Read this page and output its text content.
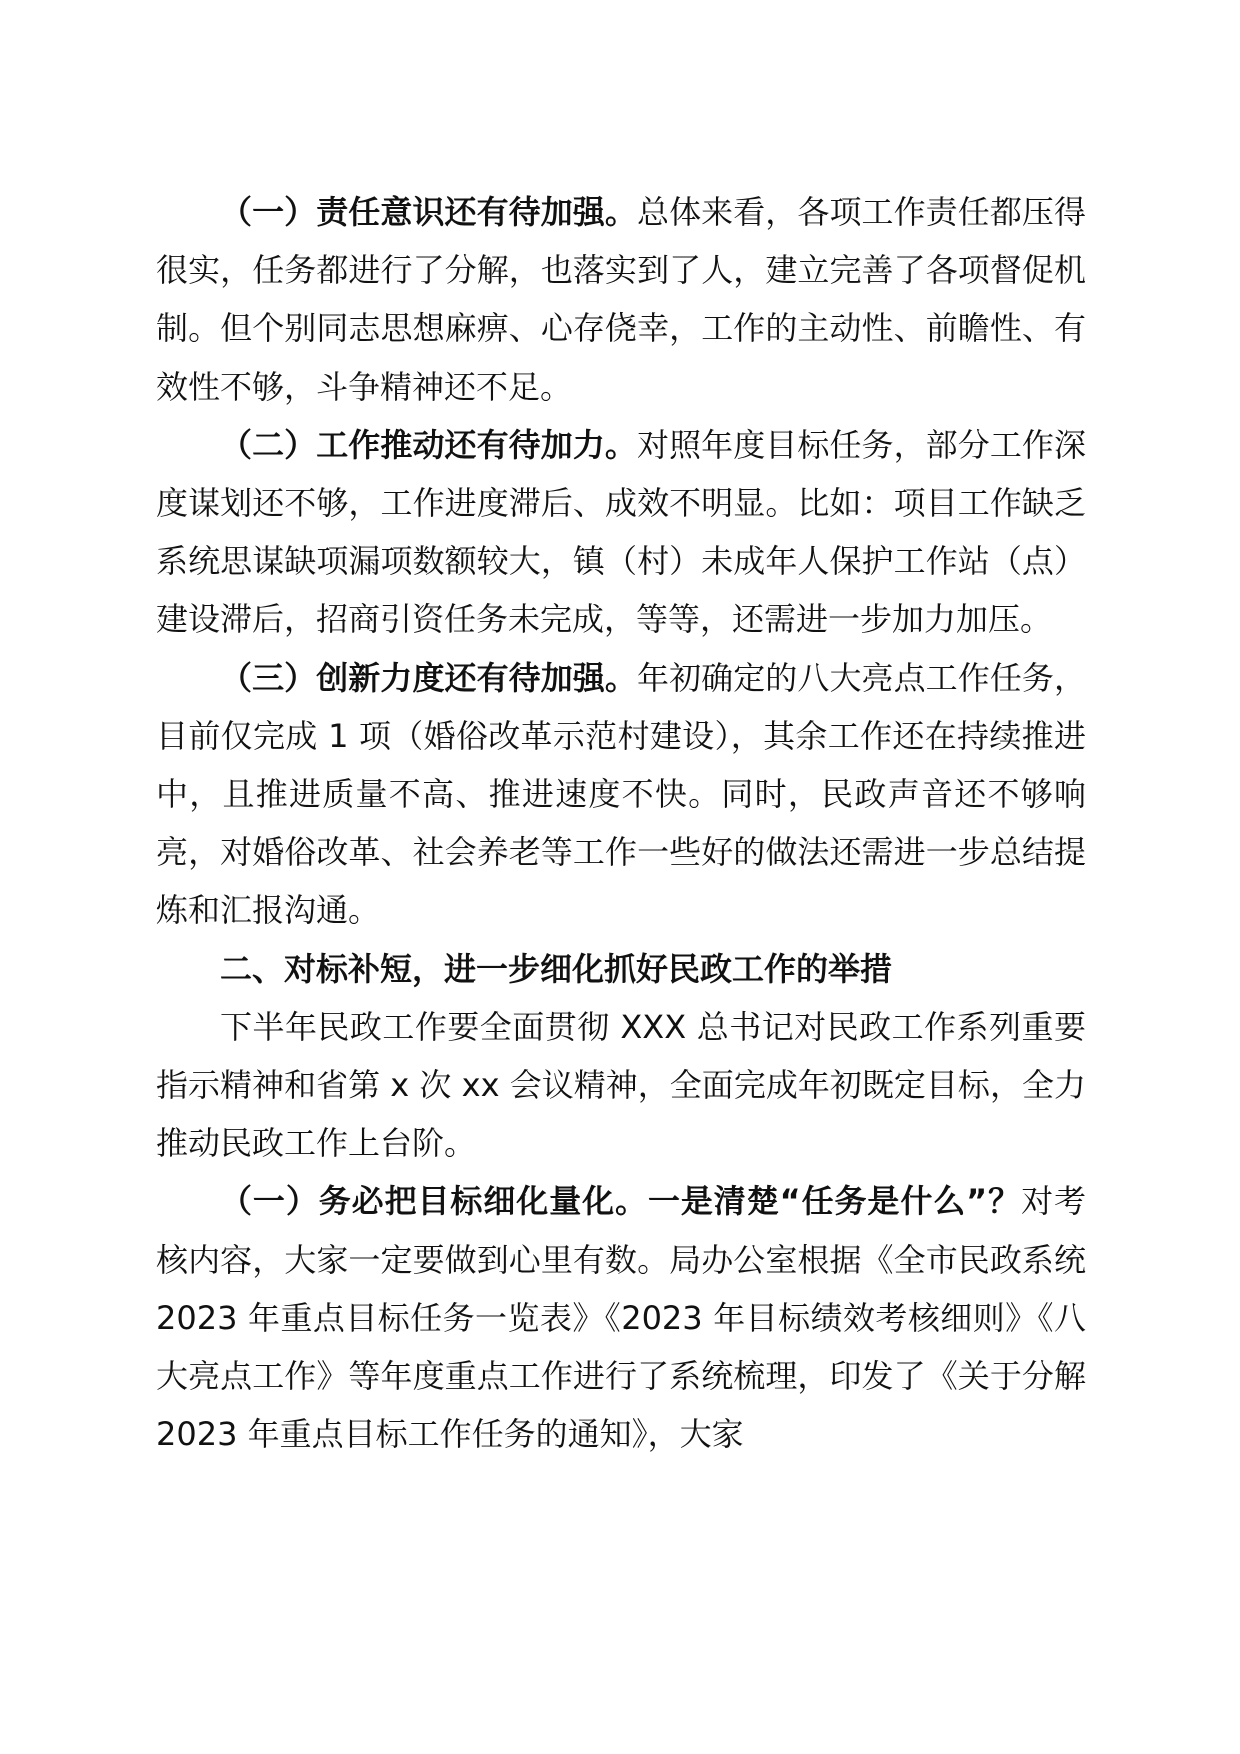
（一）责任意识还有待加强。总体来看，各项工作责任都压得很实，任务都进行了分解，也落实到了人，建立完善了各项督促机制。但个别同志思想麻痹、心存侥幸，工作的主动性、前瞻性、有效性不够，斗争精神还不足。

（二）工作推动还有待加力。对照年度目标任务，部分工作深度谋划还不够，工作进度滞后、成效不明显。比如：项目工作缺乏系统思谋缺项漏项数额较大，镇（村）未成年人保护工作站（点）建设滞后，招商引资任务未完成，等等，还需进一步加力加压。

（三）创新力度还有待加强。年初确定的八大亮点工作任务，目前仅完成 1 项（婚俗改革示范村建设），其余工作还在持续推进中，且推进质量不高、推进速度不快。同时，民政声音还不够响亮，对婚俗改革、社会养老等工作一些好的做法还需进一步总结提炼和汇报沟通。

二、对标补短，进一步细化抓好民政工作的举措

下半年民政工作要全面贯彻 XXX 总书记对民政工作系列重要指示精神和省第 x 次 xx 会议精神，全面完成年初既定目标，全力推动民政工作上台阶。

（一）务必把目标细化量化。一是清楚“任务是什么”？对考核内容，大家一定要做到心里有数。局办公室根据《全市民政系统 2023 年重点目标任务一览表》《2023 年目标绩效考核细则》《八大亮点工作》等年度重点工作进行了系统梳理，印发了《关于分解 2023 年重点目标工作任务的通知》，大家
